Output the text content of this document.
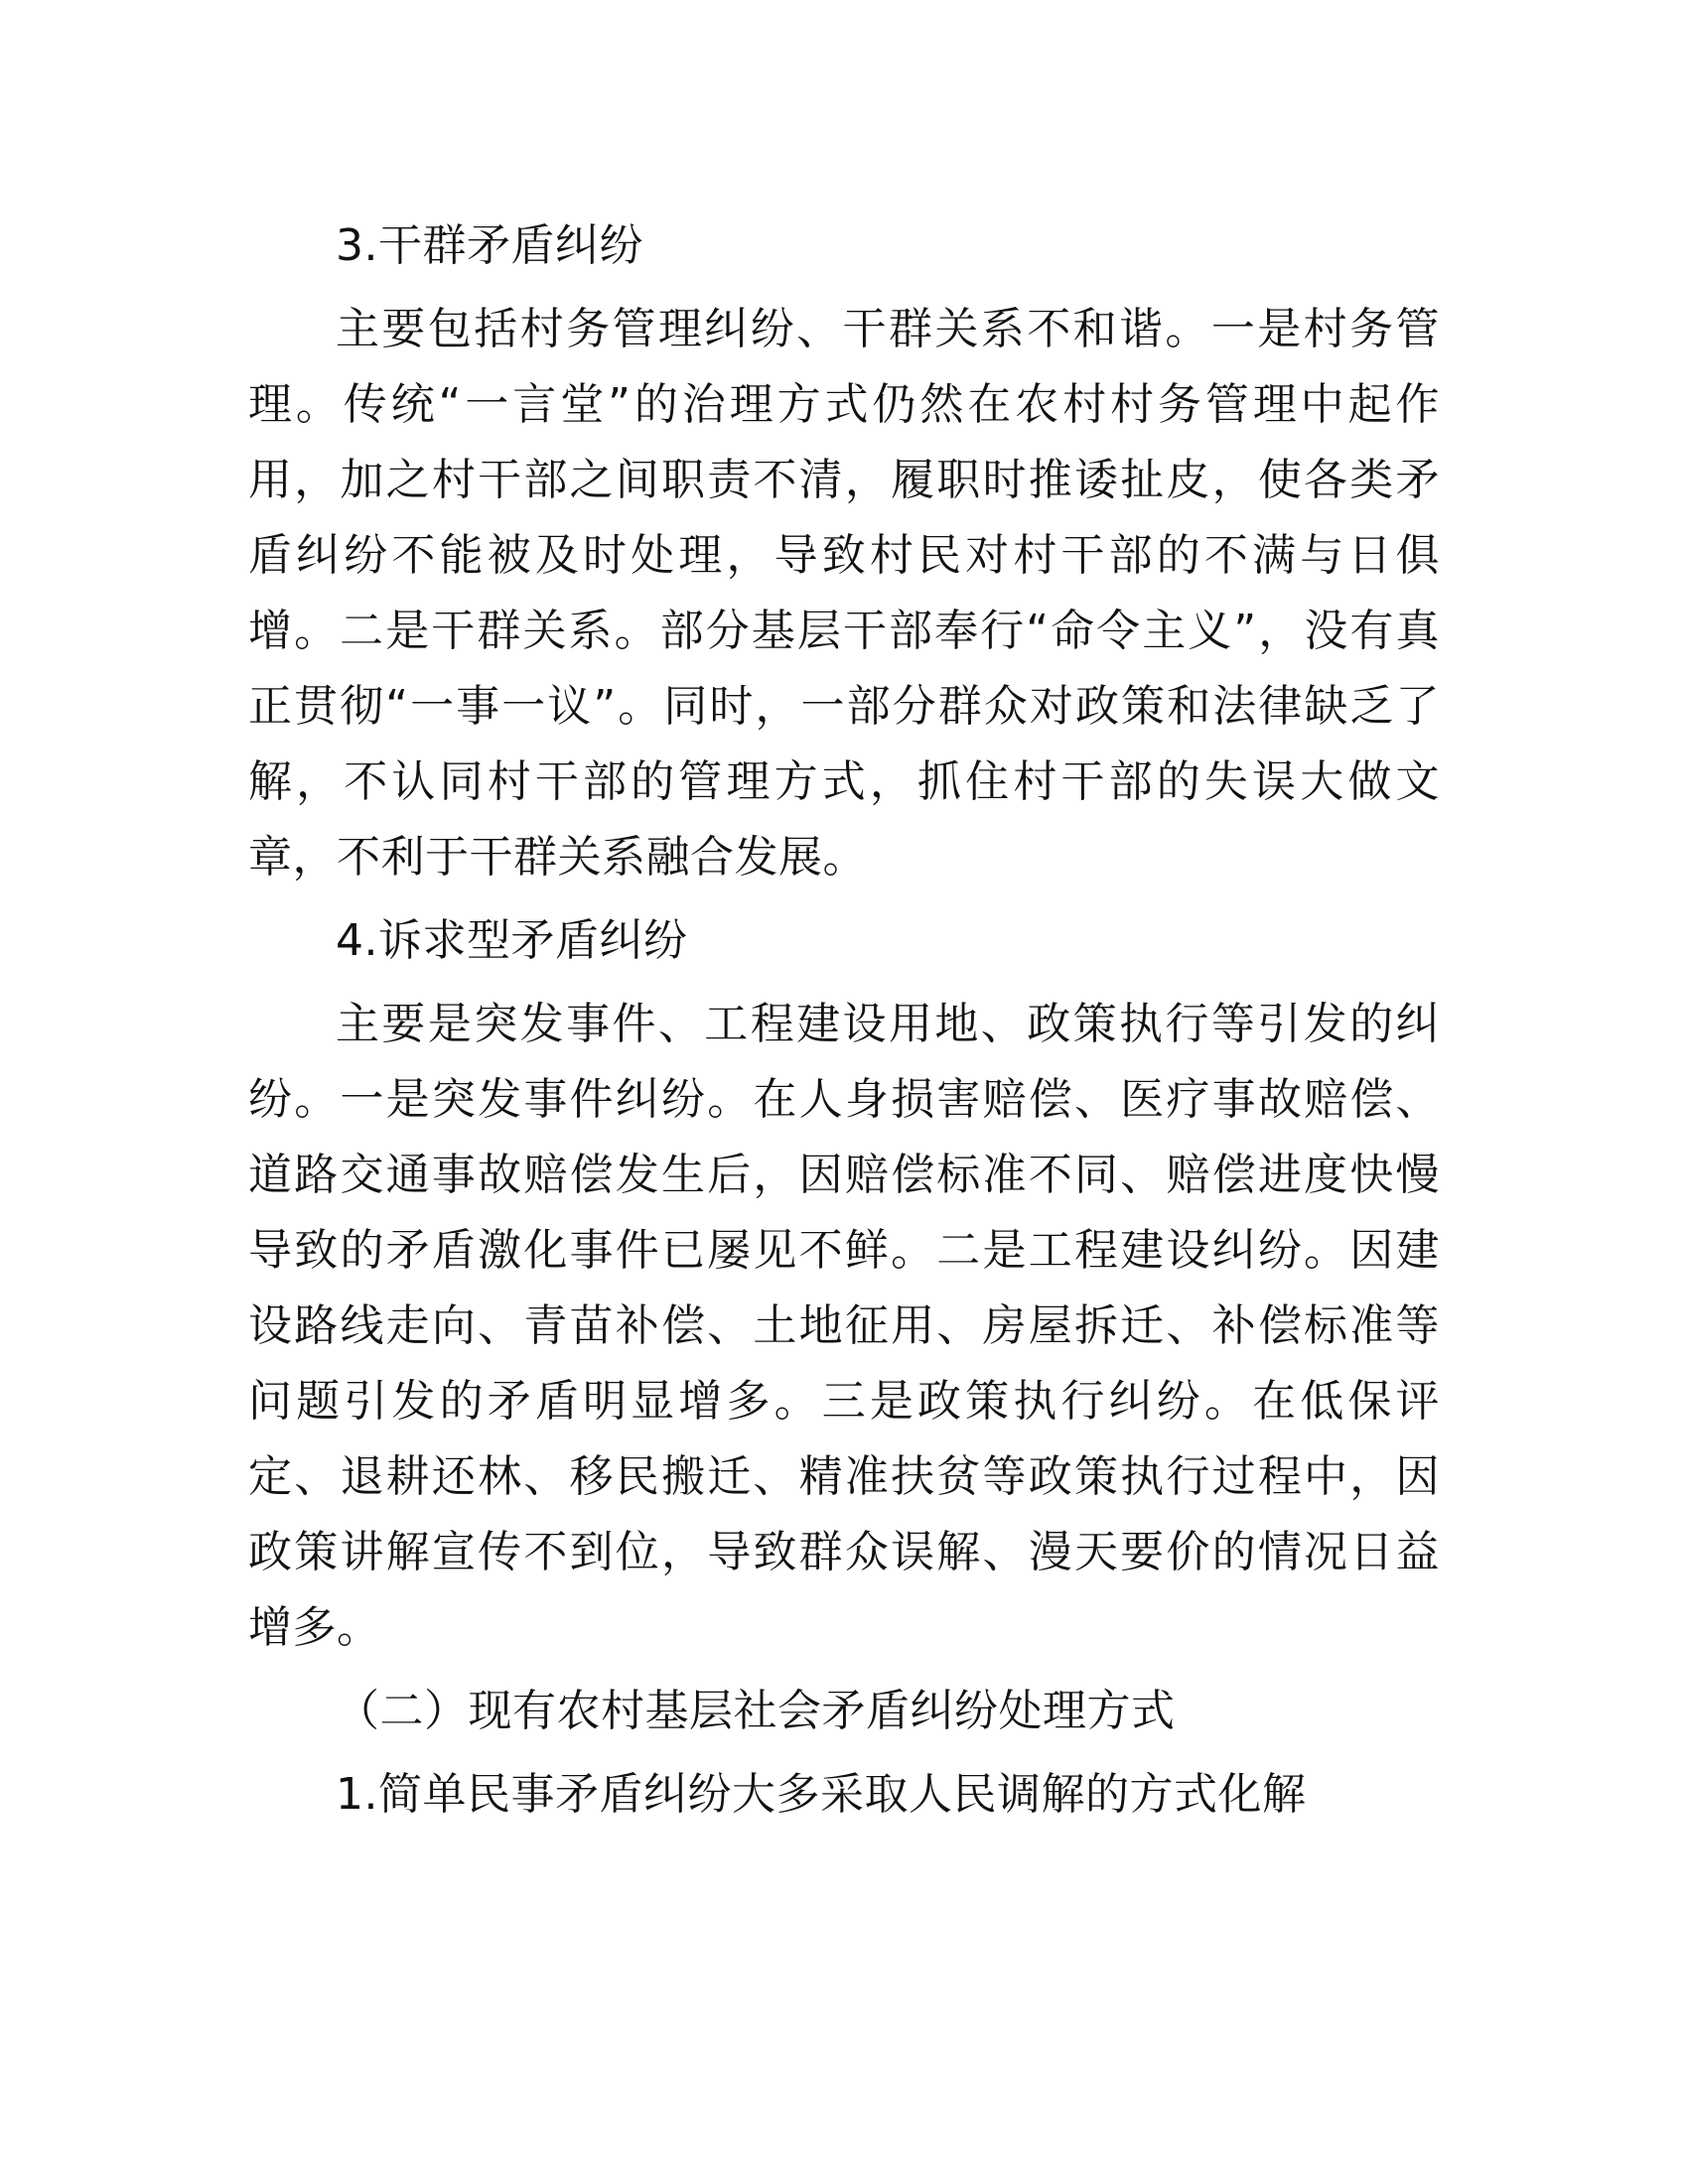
3.干群矛盾纠纷

主要包括村务管理纠纷、干群关系不和谐。一是村务管理。传统“一言堂”的治理方式仍然在农村村务管理中起作用，加之村干部之间职责不清，履职时推诿扯皮，使各类矛盾纠纷不能被及时处理，导致村民对村干部的不满与日俱增。二是干群关系。部分基层干部奉行“命令主义”，没有真正贯彻“一事一议”。同时，一部分群众对政策和法律缺乏了解，不认同村干部的管理方式，抓住村干部的失误大做文章，不利于干群关系融合发展。

4.诉求型矛盾纠纷

主要是突发事件、工程建设用地、政策执行等引发的纠纷。一是突发事件纠纷。在人身损害赔偿、医疗事故赔偿、道路交通事故赔偿发生后，因赔偿标准不同、赔偿进度快慢导致的矛盾激化事件已屡见不鲜。二是工程建设纠纷。因建设路线走向、青苗补偿、土地征用、房屋拆迁、补偿标准等问题引发的矛盾明显增多。三是政策执行纠纷。在低保评定、退耕还林、移民搬迁、精准扶贫等政策执行过程中，因政策讲解宣传不到位，导致群众误解、漫天要价的情况日益增多。

（二）现有农村基层社会矛盾纠纷处理方式

1.简单民事矛盾纠纷大多采取人民调解的方式化解
